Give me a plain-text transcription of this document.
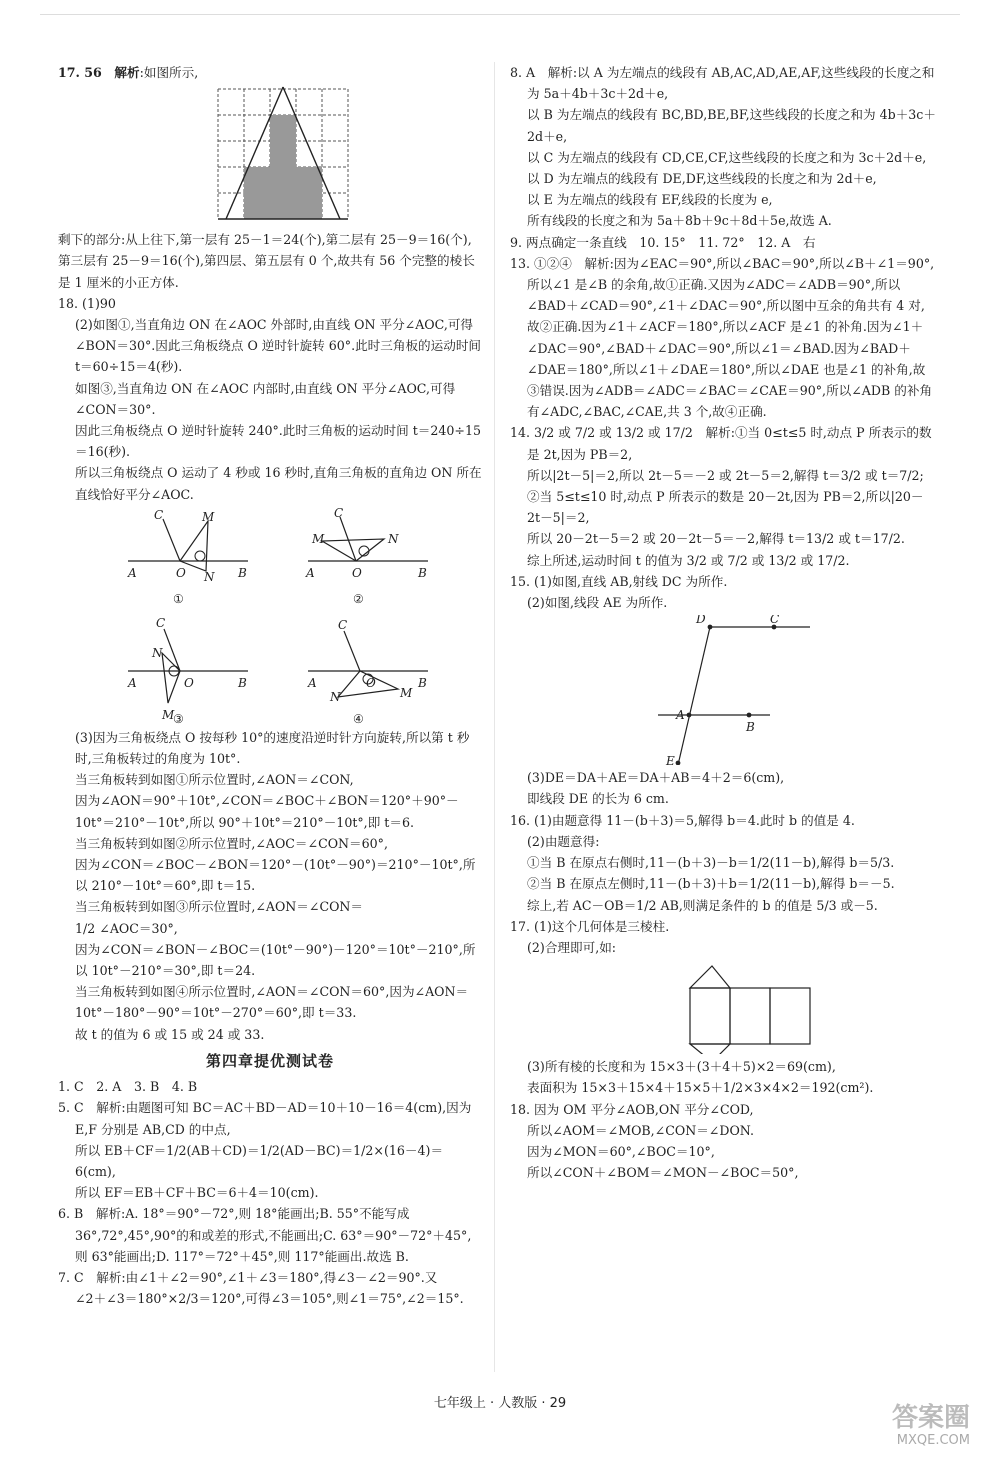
17. 56　 解析:如图所示,

剩下的部分:从上往下,第一层有 25－1＝24(个),第二层有 25－9＝16(个),第三层有 25－9＝16(个),第四层、第五层有 0 个,故共有 56 个完整的棱长是 1 厘米的小正方体.

18. (1)90

(2)如图①,当直角边 ON 在∠AOC 外部时,由直线 ON 平分∠AOC,可得∠BON＝30°.因此三角板绕点 O 逆时针旋转 60°.此时三角板的运动时间 t＝60÷15＝4(秒).

如图③,当直角边 ON 在∠AOC 内部时,由直线 ON 平分∠AOC,可得∠CON＝30°.

因此三角板绕点 O 逆时针旋转 240°.此时三角板的运动时间 t＝240÷15＝16(秒).

所以三角板绕点 O 运动了 4 秒或 16 秒时,直角三角板的直角边 ON 所在直线恰好平分∠AOC.

A
C	M
O N B
①
A
C
M	N
O	B
②
A
C
N
O
M
B
③
A
C
N
O
M
B
④

(3)因为三角板绕点 O 按每秒 10°的速度沿逆时针方向旋转,所以第 t 秒时,三角板转过的角度为 10t°.

当三角板转到如图①所示位置时,∠AON＝∠CON,

因为∠AON＝90°＋10t°,∠CON＝∠BOC＋∠BON＝120°＋90°－10t°＝210°－10t°,所以 90°＋10t°＝210°－10t°,即 t＝6.

当三角板转到如图②所示位置时,∠AOC＝∠CON＝60°,

因为∠CON＝∠BOC－∠BON＝120°－(10t°－90°)＝210°－10t°,所以 210°－10t°＝60°,即 t＝15.

当三角板转到如图③所示位置时,∠AON＝∠CON＝

1/2 ∠AOC＝30°,

因为∠CON＝∠BON－∠BOC＝(10t°－90°)－120°＝10t°－210°,所以 10t°－210°＝30°,即 t＝24.

当三角板转到如图④所示位置时,∠AON＝∠CON＝60°,因为∠AON＝10t°－180°－90°＝10t°－270°＝60°,即 t＝33.

故 t 的值为 6 或 15 或 24 或 33.

第四章提优测试卷

1. C　2. A　3. B　4. B

5. C　解析:由题图可知 BC＝AC＋BD－AD＝10＋10－16＝4(cm),因为 E,F 分别是 AB,CD 的中点,

所以 EB＋CF＝1/2(AB＋CD)＝1/2(AD－BC)＝1/2×(16－4)＝6(cm),

所以 EF＝EB＋CF＋BC＝6＋4＝10(cm).

6. B　解析:A. 18°＝90°－72°,则 18°能画出;B. 55°不能写成 36°,72°,45°,90°的和或差的形式,不能画出;C. 63°＝90°－72°＋45°,则 63°能画出;D. 117°＝72°＋45°,则 117°能画出.故选 B.

7. C　解析:由∠1＋∠2＝90°,∠1＋∠3＝180°,得∠3－∠2＝90°.又

∠2＋∠3＝180°×2/3＝120°,可得∠3＝105°,则∠1＝75°,∠2＝15°.

8. A　解析:以 A 为左端点的线段有 AB,AC,AD,AE,AF,这些线段的长度之和为 5a＋4b＋3c＋2d＋e,

以 B 为左端点的线段有 BC,BD,BE,BF,这些线段的长度之和为 4b＋3c＋2d＋e,

以 C 为左端点的线段有 CD,CE,CF,这些线段的长度之和为 3c＋2d＋e,

以 D 为左端点的线段有 DE,DF,这些线段的长度之和为 2d＋e,

以 E 为左端点的线段有 EF,线段的长度为 e,

所有线段的长度之和为 5a＋8b＋9c＋8d＋5e,故选 A.

9. 两点确定一条直线　10. 15°　11. 72°　12. A　右

13. ①②④　解析:因为∠EAC＝90°,所以∠BAC＝90°,所以∠B＋∠1＝90°,所以∠1 是∠B 的余角,故①正确.又因为∠ADC＝∠ADB＝90°,所以∠BAD＋∠CAD＝90°,∠1＋∠DAC＝90°,所以图中互余的角共有 4 对,故②正确.因为∠1＋∠ACF＝180°,所以∠ACF 是∠1 的补角.因为∠1＋∠DAC＝90°,∠BAD＋∠DAC＝90°,所以∠1＝∠BAD.因为∠BAD＋∠DAE＝180°,所以∠1＋∠DAE＝180°,所以∠DAE 也是∠1 的补角,故③错误.因为∠ADB＝∠ADC＝∠BAC＝∠CAE＝90°,所以∠ADB 的补角有∠ADC,∠BAC,∠CAE,共 3 个,故④正确.

14. 3/2 或 7/2 或 13/2 或 17/2　解析:①当 0≤t≤5 时,动点 P 所表示的数是 2t,因为 PB＝2,

所以|2t－5|＝2,所以 2t－5＝－2 或 2t－5＝2,解得 t＝3/2 或 t＝7/2;

②当 5≤t≤10 时,动点 P 所表示的数是 20－2t,因为 PB＝2,所以|20－2t－5|＝2,

所以 20－2t－5＝2 或 20－2t－5＝－2,解得 t＝13/2 或 t＝17/2.

综上所述,运动时间 t 的值为 3/2 或 7/2 或 13/2 或 17/2.

15. (1)如图,直线 AB,射线 DC 为所作.

(2)如图,线段 AE 为所作.

D	C
A
B
E

(3)DE＝DA＋AE＝DA＋AB＝4＋2＝6(cm),

即线段 DE 的长为 6 cm.

16. (1)由题意得 11－(b＋3)＝5,解得 b＝4.此时 b 的值是 4.

(2)由题意得:

①当 B 在原点右侧时,11－(b＋3)－b＝1/2(11－b),解得 b＝5/3.

②当 B 在原点左侧时,11－(b＋3)＋b＝1/2(11－b),解得 b＝－5.

综上,若 AC－OB＝1/2 AB,则满足条件的 b 的值是 5/3 或－5.

17. (1)这个几何体是三棱柱.

(2)合理即可,如:

(3)所有棱的长度和为 15×3＋(3＋4＋5)×2＝69(cm),

表面积为 15×3＋15×4＋15×5＋1/2×3×4×2＝192(cm²).

18. 因为 OM 平分∠AOB,ON 平分∠COD,

所以∠AOM＝∠MOB,∠CON＝∠DON.

因为∠MON＝60°,∠BOC＝10°,

所以∠CON＋∠BOM＝∠MON－∠BOC＝50°,

七年级上 · 人教版 · 29	答案圈
MXQE.COM
